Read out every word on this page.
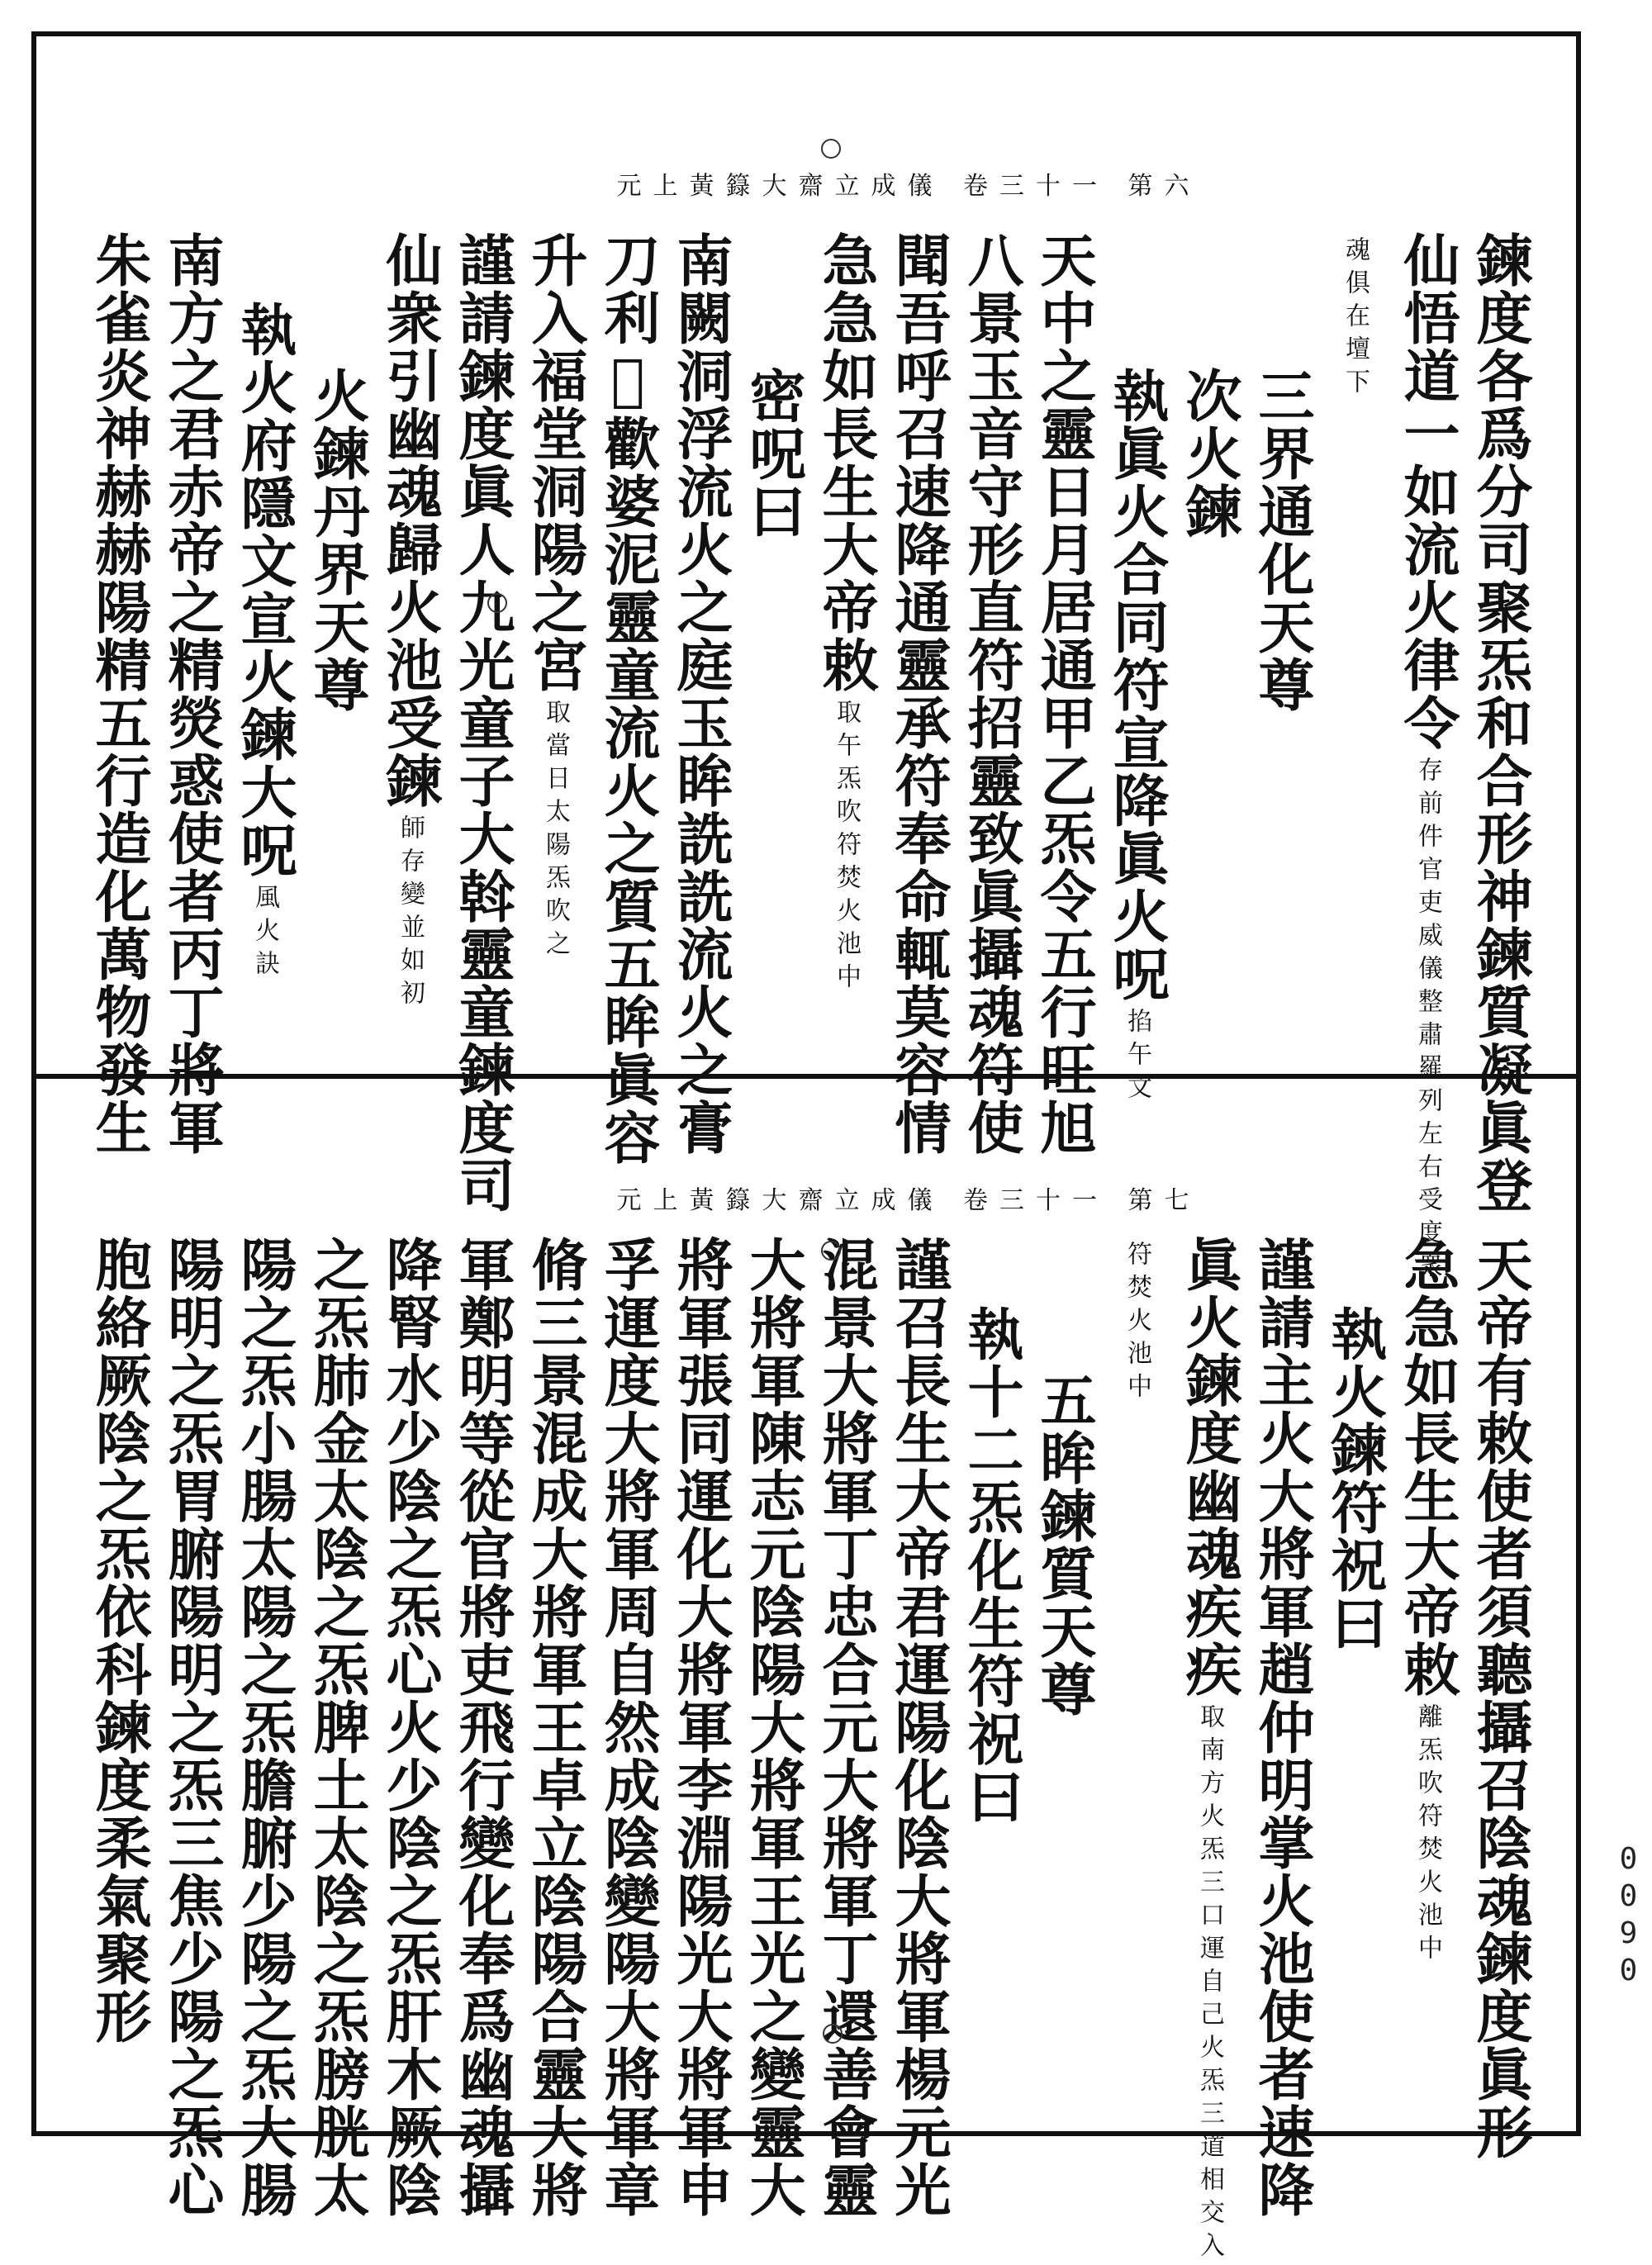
元上黃籙大齋立成儀 卷三十一 第六
鍊度各爲分司聚炁和合形神鍊質凝眞登
仙悟道一如流火律令
存前件官吏威儀整肅羅列左右受度衆
魂俱在壇下
三界通化天尊
次火鍊
執眞火合同符宣降眞火呪
掐午文
天中之靈日月居通甲乙炁令五行旺旭
八景玉音守形直符招靈致眞攝魂符使
聞吾呼召速降通靈承符奉命輒莫容情
急急如長生大帝敕
取午炁吹符焚火池中
密呪曰
南闕洞浮流火之庭玉眸詵詵流火之膏
刀利𡪊歡婆泥靈童流火之質五眸眞容
升入福堂洞陽之宮
取當日太陽炁吹之
謹請鍊度眞人九光童子大斡靈童鍊度司
仙衆引幽魂歸火池受鍊
師存變並如初
火鍊丹界天尊
執火府隱文宣火鍊大呪
風火訣
南方之君赤帝之精熒惑使者丙丁將軍
朱雀炎神赫赫陽精五行造化萬物發生
元上黃籙大齋立成儀 卷三十一 第七
天帝有敕使者須聽攝召陰魂鍊度眞形
急急如長生大帝敕
離炁吹符焚火池中
執火鍊符祝曰
謹請主火大將軍趙仲明掌火池使者速降
眞火鍊度幽魂疾疾
取南方火炁三口運自己火炁三道相交入
符焚火池中
五眸鍊質天尊
執十二炁化生符祝曰
謹召長生大帝君運陽化陰大將軍楊元光
混景大將軍丁忠合元大將軍丁還善會靈
大將軍陳志元陰陽大將軍王光之變靈大
將軍張同運化大將軍李淵陽光大將軍申
孚運度大將軍周自然成陰變陽大將軍章
脩三景混成大將軍王卓立陰陽合靈大將
軍鄭明等從官將吏飛行變化奉爲幽魂攝
降腎水少陰之炁心火少陰之炁肝木厥陰
之炁肺金太陰之炁脾土太陰之炁膀胱太
陽之炁小腸太陽之炁膽腑少陽之炁大腸
陽明之炁胃腑陽明之炁三焦少陽之炁心
胞絡厥陰之炁依科鍊度柔氣聚形	0090
